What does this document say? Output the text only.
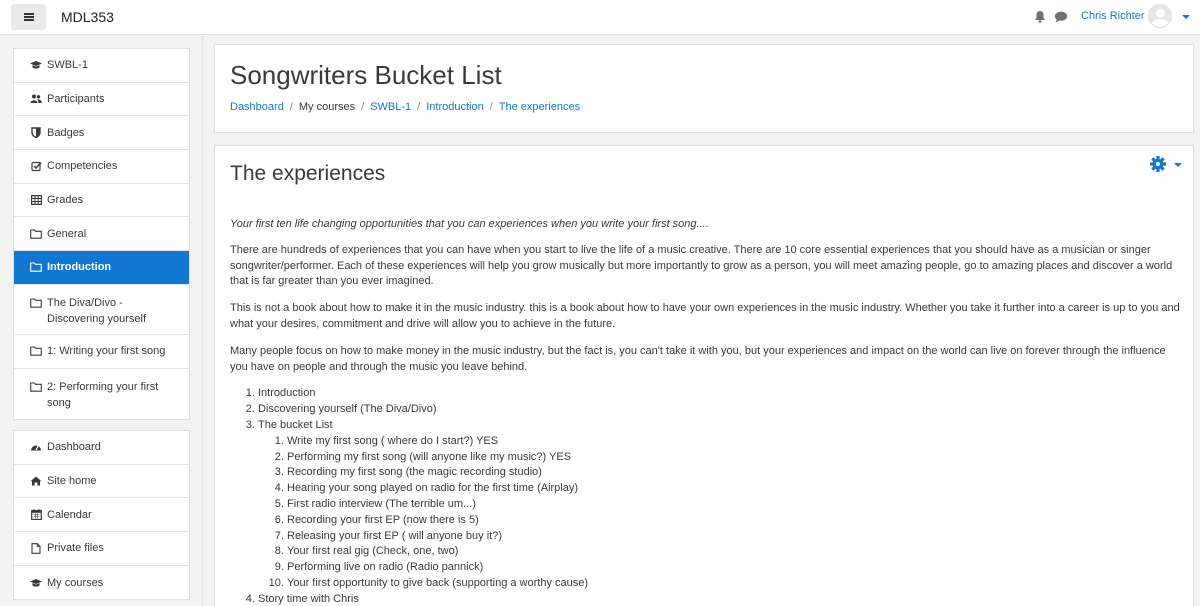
MDL353	Chris Richter
SWBL-1
Participants
Badges
Competencies
Grades
General
Introduction
The Diva/Divo - Discovering yourself
1: Writing your first song
2: Performing your first song
Dashboard
Site home
Calendar
Private files
My courses
Songwriters Bucket List
Dashboard / My courses / SWBL-1 / Introduction / The experiences
The experiences

Your first ten life changing opportunities that you can experiences when you write your first song....

There are hundreds of experiences that you can have when you start to live the life of a music creative. There are 10 core essential experiences that you should have as a musician or singer songwriter/performer. Each of these experiences will help you grow musically but more importantly to grow as a person, you will meet amazing people, go to amazing places and discover a world that is far greater than you ever imagined.

This is not a book about how to make it in the music industry. this is a book about how to have your own experiences in the music industry. Whether you take it further into a career is up to you and what your desires, commitment and drive will allow you to achieve in the future.

Many people focus on how to make money in the music industry, but the fact is, you can't take it with you, but your experiences and impact on the world can live on forever through the influence you have on people and through the music you leave behind.

1. Introduction
2. Discovering yourself (The Diva/Divo)
3. The bucket List
1. Write my first song ( where do I start?) YES
2. Performing my first song (will anyone like my music?) YES
3. Recording my first song (the magic recording studio)
4. Hearing your song played on radio for the first time (Airplay)
5. First radio interview (The terrible um...)
6. Recording your first EP (now there is 5)
7. Releasing your first EP ( will anyone buy it?)
8. Your first real gig (Check, one, two)
9. Performing live on radio (Radio pannick)
10. Your first opportunity to give back (supporting a worthy cause)
4. Story time with Chris
